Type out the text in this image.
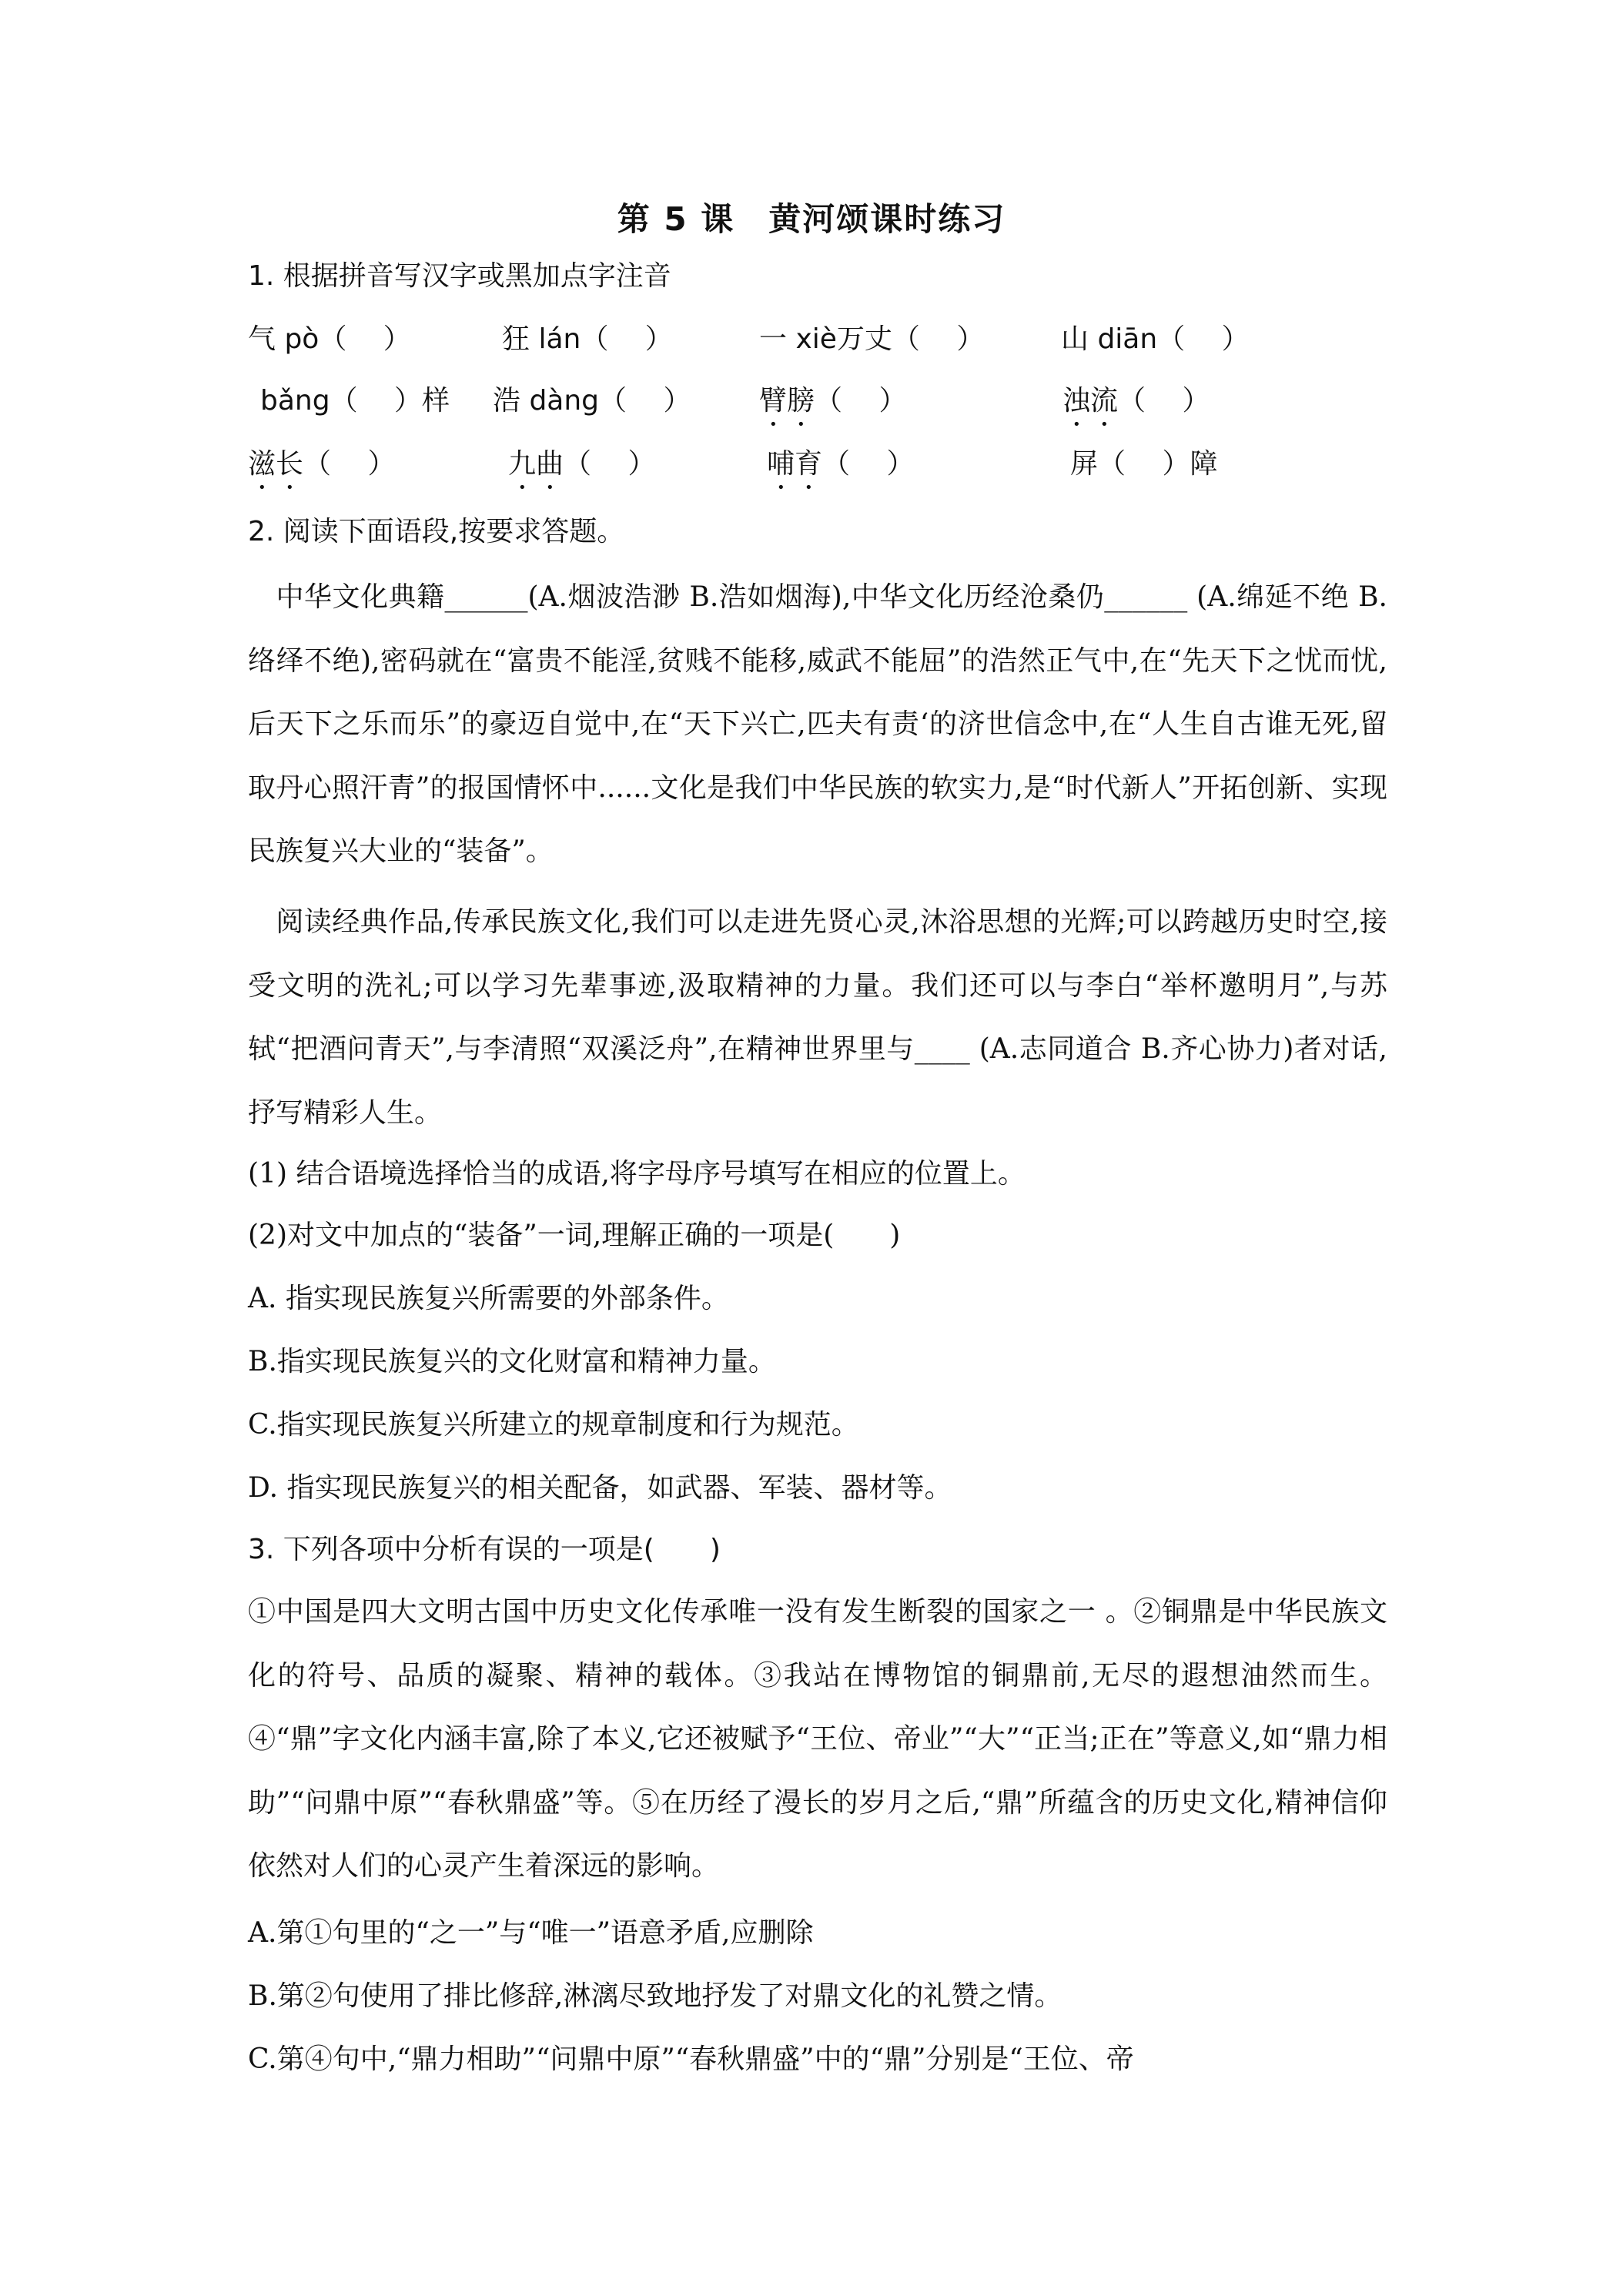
第 5 课　黄河颂课时练习
1. 根据拼音写汉字或黑加点字注音
气 pò（　 ）	狂 lán（　 ）	一 xiè万丈（　 ）	山 diān（　 ）
bǎng（　 ）样 浩 dàng（　 ） 臂膀（　 ）	浊流（　 ）
滋长（　 ）	九曲（　 ）	哺育（　 ）	屏（　 ）障
2. 阅读下面语段,按要求答题。

　中华文化典籍______(A.烟波浩渺 B.浩如烟海),中华文化历经沧桑仍______ (A.绵延不绝 B.络绎不绝),密码就在“富贵不能淫,贫贱不能移,威武不能屈”的浩然正气中,在“先天下之忧而忧,后天下之乐而乐”的豪迈自觉中,在“天下兴亡,匹夫有责‘的济世信念中,在“人生自古谁无死,留取丹心照汗青”的报国情怀中......文化是我们中华民族的软实力,是“时代新人”开拓创新、实现民族复兴大业的“装备”。

　阅读经典作品,传承民族文化,我们可以走进先贤心灵,沐浴思想的光辉;可以跨越历史时空,接受文明的洗礼;可以学习先辈事迹,汲取精神的力量。我们还可以与李白“举杯邀明月”,与苏轼“把酒问青天”,与李清照“双溪泛舟”,在精神世界里与____ (A.志同道合 B.齐心协力)者对话,抒写精彩人生。

(1) 结合语境选择恰当的成语,将字母序号填写在相应的位置上。
(2)对文中加点的“装备”一词,理解正确的一项是(　　)
A. 指实现民族复兴所需要的外部条件。
B.指实现民族复兴的文化财富和精神力量。
C.指实现民族复兴所建立的规章制度和行为规范。
D. 指实现民族复兴的相关配备，如武器、军装、器材等。
3. 下列各项中分析有误的一项是(　　)

①中国是四大文明古国中历史文化传承唯一没有发生断裂的国家之一 。②铜鼎是中华民族文化的符号、品质的凝聚、精神的载体。③我站在博物馆的铜鼎前,无尽的遐想油然而生。④“鼎”字文化内涵丰富,除了本义,它还被赋予“王位、帝业”“大”“正当;正在”等意义,如“鼎力相助”“问鼎中原”“春秋鼎盛”等。⑤在历经了漫长的岁月之后,“鼎”所蕴含的历史文化,精神信仰依然对人们的心灵产生着深远的影响。

A.第①句里的“之一”与“唯一”语意矛盾,应删除
B.第②句使用了排比修辞,淋漓尽致地抒发了对鼎文化的礼赞之情。
C.第④句中,“鼎力相助”“问鼎中原”“春秋鼎盛”中的“鼎”分别是“王位、帝
